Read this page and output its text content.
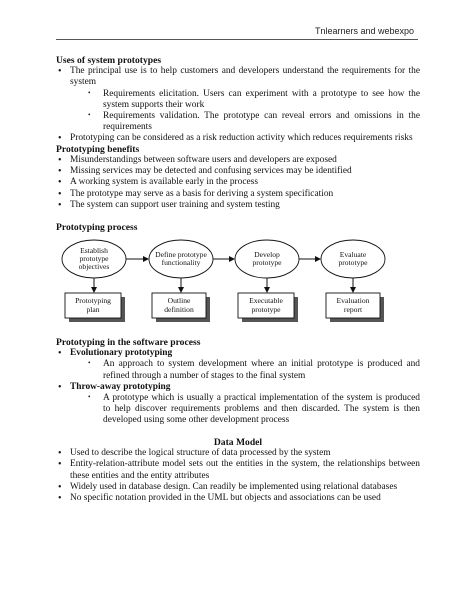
Tnlearners and webexpo
Uses of system prototypes
• The principal use is to help customers and developers understand the requirements for the system
• Requirements elicitation. Users can experiment with a prototype to see how the system supports their work
• Requirements validation. The prototype can reveal errors and omissions in the requirements
• Prototyping can be considered as a risk reduction activity which reduces requirements risks
Prototyping benefits
• Misunderstandings between software users and developers are exposed
• Missing services may be detected and confusing services may be identified
• A working system is available early in the process
• The prototype may serve as a basis for deriving a system specification
• The system can support user training and system testing
Prototyping process
Establish prototype objectives
Define prototype functionality
Develop prototype
Evaluate prototype
Prototyping plan
Outline definition
Executable prototype
Evaluation report
Prototyping in the software process
• Evolutionary prototyping
• An approach to system development where an initial prototype is produced and refined through a number of stages to the final system
• Throw-away prototyping
• A prototype which is usually a practical implementation of the system is produced to help discover requirements problems and then discarded. The system is then developed using some other development process
Data Model
• Used to describe the logical structure of data processed by the system
• Entity-relation-attribute model sets out the entities in the system, the relationships between these entities and the entity attributes
• Widely used in database design. Can readily be implemented using relational databases
• No specific notation provided in the UML but objects and associations can be used
